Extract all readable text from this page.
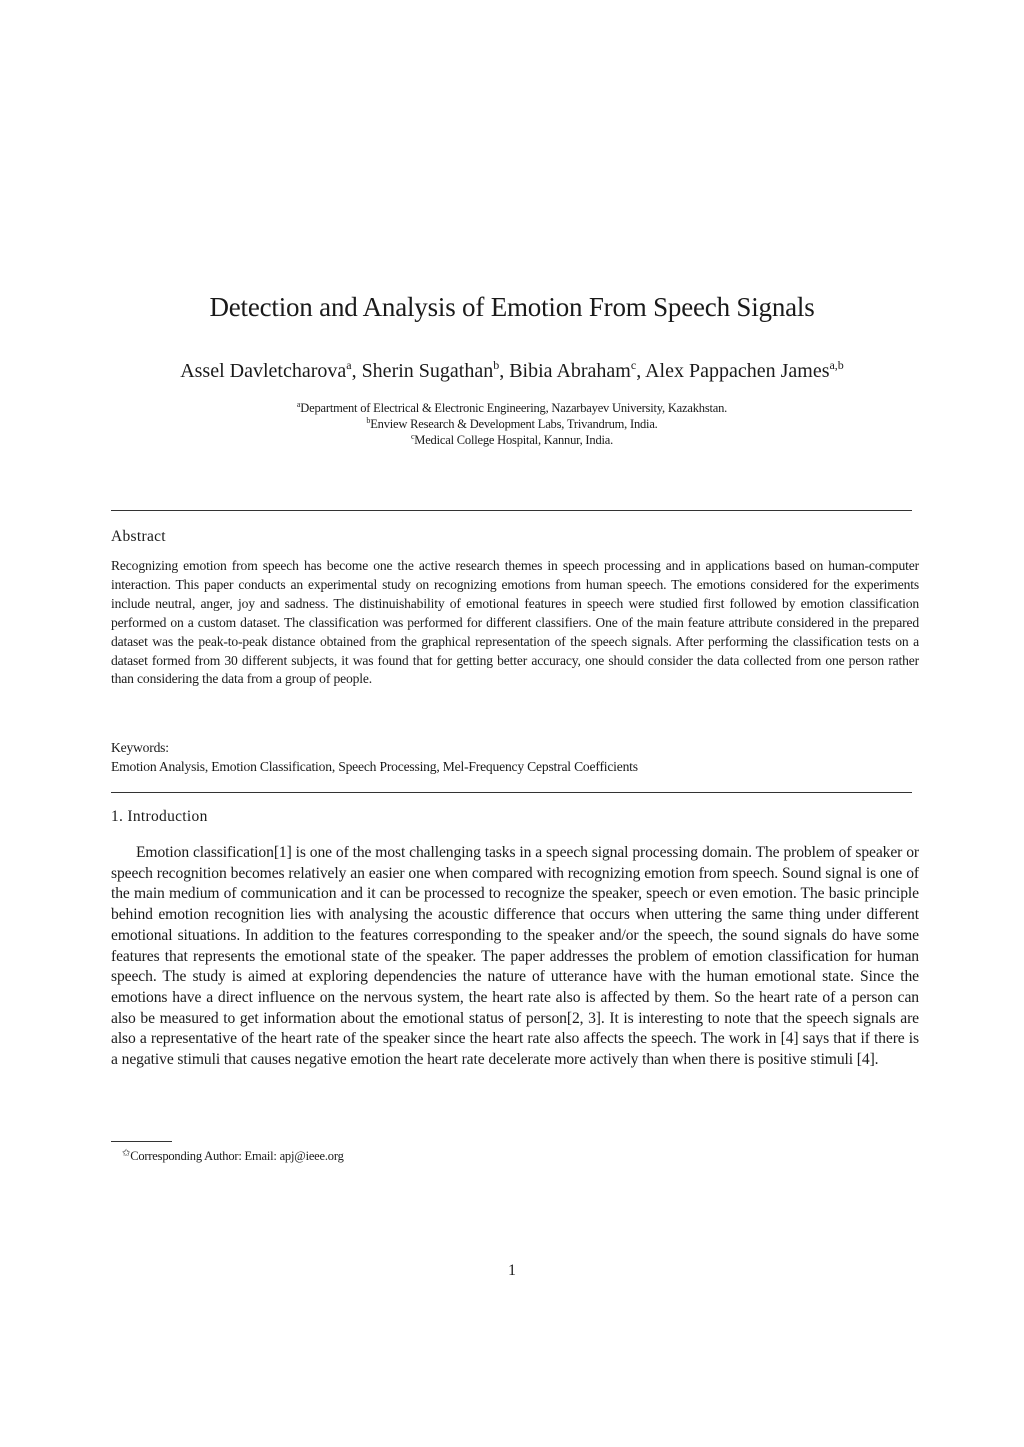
Detection and Analysis of Emotion From Speech Signals
Assel Davletcharova$^a$, Sherin Sugathan$^b$, Bibia Abraham$^c$, Alex Pappachen James$^{a,b}$
$^a$Department of Electrical & Electronic Engineering, Nazarbayev University, Kazakhstan.
$^b$Enview Research & Development Labs, Trivandrum, India.
$^c$Medical College Hospital, Kannur, India.
Abstract
Recognizing emotion from speech has become one the active research themes in speech processing and in applications based on human-computer interaction. This paper conducts an experimental study on recognizing emotions from human speech. The emotions considered for the experiments include neutral, anger, joy and sadness. The distinuishability of emotional features in speech were studied first followed by emotion classification performed on a custom dataset. The classification was performed for different classifiers. One of the main feature attribute considered in the prepared dataset was the peak-to-peak distance obtained from the graphical representation of the speech signals. After performing the classification tests on a dataset formed from 30 different subjects, it was found that for getting better accuracy, one should consider the data collected from one person rather than considering the data from a group of people.
Keywords:
Emotion Analysis, Emotion Classification, Speech Processing, Mel-Frequency Cepstral Coefficients
1. Introduction
Emotion classification[1] is one of the most challenging tasks in a speech signal processing domain. The problem of speaker or speech recognition becomes relatively an easier one when compared with recognizing emotion from speech. Sound signal is one of the main medium of communication and it can be processed to recognize the speaker, speech or even emotion. The basic principle behind emotion recognition lies with analysing the acoustic difference that occurs when uttering the same thing under different emotional situations. In addition to the features corresponding to the speaker and/or the speech, the sound signals do have some features that represents the emotional state of the speaker. The paper addresses the problem of emotion classification for human speech. The study is aimed at exploring dependencies the nature of utterance have with the human emotional state. Since the emotions have a direct influence on the nervous system, the heart rate also is affected by them. So the heart rate of a person can also be measured to get information about the emotional status of person[2, 3]. It is interesting to note that the speech signals are also a representative of the heart rate of the speaker since the heart rate also affects the speech. The work in [4] says that if there is a negative stimuli that causes negative emotion the heart rate decelerate more actively than when there is positive stimuli [4].
✩Corresponding Author: Email: apj@ieee.org
1
